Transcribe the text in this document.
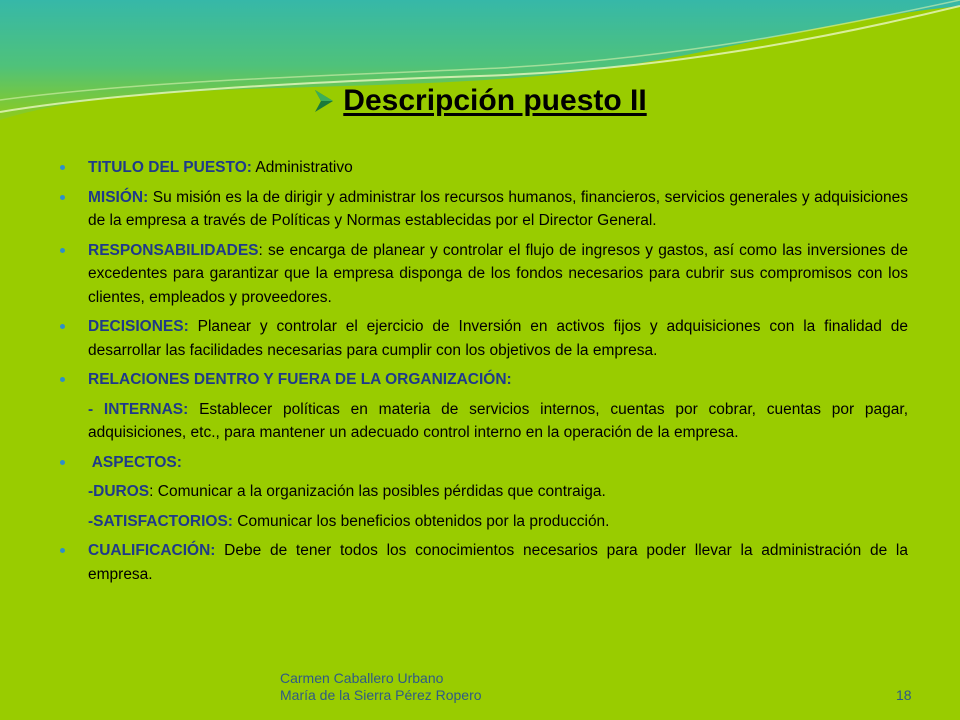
Descripción puesto II
TITULO DEL PUESTO: Administrativo
MISIÓN: Su misión es la de dirigir y administrar los recursos humanos, financieros, servicios generales y adquisiciones de la empresa a través de Políticas y Normas establecidas por el Director General.
RESPONSABILIDADES: se encarga de planear y controlar el flujo de ingresos y gastos, así como las inversiones de excedentes para garantizar que la empresa disponga de los fondos necesarios para cubrir sus compromisos con los clientes, empleados y proveedores.
DECISIONES: Planear y controlar el ejercicio de Inversión en activos fijos y adquisiciones con la finalidad de desarrollar las facilidades necesarias para cumplir con los objetivos de la empresa.
RELACIONES DENTRO Y FUERA DE LA ORGANIZACIÓN:
- INTERNAS: Establecer políticas en materia de servicios internos, cuentas por cobrar, cuentas por pagar, adquisiciones, etc., para mantener un adecuado control interno en la operación de la empresa.
ASPECTOS:
-DUROS: Comunicar a la organización las posibles pérdidas que contraiga.
-SATISFACTORIOS: Comunicar los beneficios obtenidos por la producción.
CUALIFICACIÓN: Debe de tener todos los conocimientos necesarios para poder llevar la administración de la empresa.
Carmen Caballero Urbano
María de la Sierra Pérez Ropero	18
